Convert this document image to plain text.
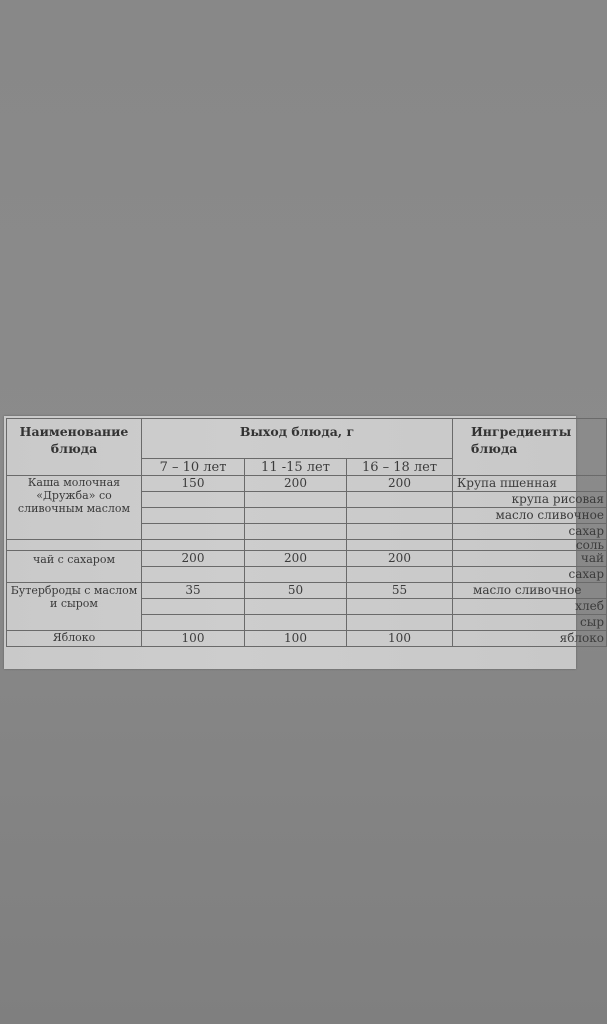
Наименование блюда	Выход блюда, г			Ингредиенты блюда
	7 – 10 лет	11 -15 лет	16 – 18 лет	
Каша молочная «Дружба» со сливочным маслом	150	200	200	Крупа пшенная
				крупа рисовая
				масло сливочное
				сахар
				соль
чай с сахаром	200	200	200	чай
				сахар
Бутерброды с маслом и сыром	35	50	55	масло сливочное
				хлеб
				сыр
Яблоко	100	100	100	яблоко
